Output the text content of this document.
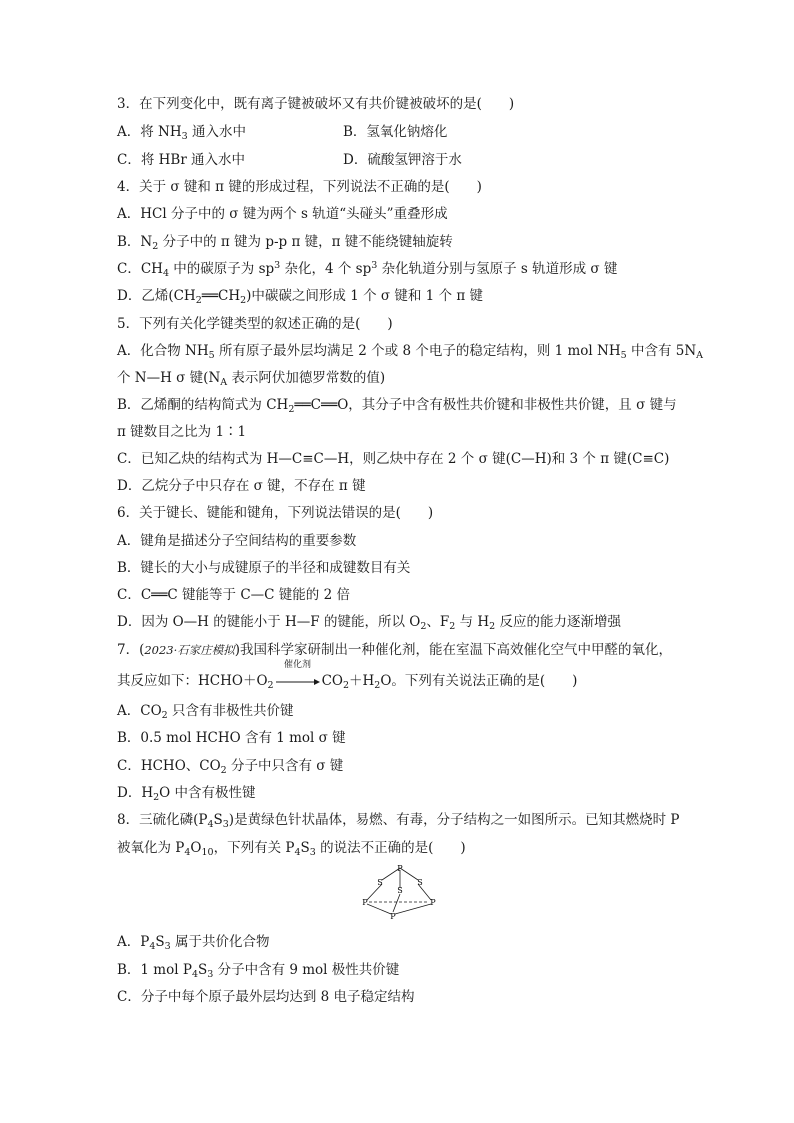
3．在下列变化中，既有离子键被破坏又有共价键被破坏的是(　　)
A．将 $NH_3$ 通入水中	B．氢氧化钠熔化
C．将 HBr 通入水中	D．硫酸氢钾溶于水
4．关于 σ 键和 π 键的形成过程，下列说法不正确的是(　　)
A．HCl 分子中的 σ 键为两个 s 轨道“头碰头”重叠形成
B．$N_2$ 分子中的 π 键为 p-p π 键，π 键不能绕键轴旋转
C．$CH_4$ 中的碳原子为 $sp^3$ 杂化，4 个 $sp^3$ 杂化轨道分别与氢原子 s 轨道形成 σ 键
D．乙烯$(CH_2══CH_2)$中碳碳之间形成 1 个 σ 键和 1 个 π 键
5．下列有关化学键类型的叙述正确的是(　　)
A．化合物 $NH_5$ 所有原子最外层均满足 2 个或 8 个电子的稳定结构，则 1 mol $NH_5$ 中含有 $5N_A$
个 N—H σ 键($N_A$ 表示阿伏加德罗常数的值)
B．乙烯酮的结构简式为 $CH_2══C══O$，其分子中含有极性共价键和非极性共价键，且 σ 键与
π 键数目之比为 1∶1
C．已知乙炔的结构式为 H—C≡C—H，则乙炔中存在 2 个 σ 键(C—H)和 3 个 π 键(C≡C)
D．乙烷分子中只存在 σ 键，不存在 π 键
6．关于键长、键能和键角，下列说法错误的是(　　)
A．键角是描述分子空间结构的重要参数
B．键长的大小与成键原子的半径和成键数目有关
C．C══C 键能等于 C—C 键能的 2 倍
D．因为 O—H 的键能小于 H—F 的键能，所以 $O_2$、$F_2$ 与 $H_2$ 反应的能力逐渐增强
7．(2023·石家庄模拟)我国科学家研制出一种催化剂，能在室温下高效催化空气中甲醛的氧化，
其反应如下：$HCHO+O_2$
催化剂
$CO_2+H_2O$。下列有关说法正确的是(　　)
A．$CO_2$ 只含有非极性共价键
B．0.5 mol HCHO 含有 1 mol σ 键
C．HCHO、$CO_2$ 分子中只含有 σ 键
D．$H_2O$ 中含有极性键
8．三硫化磷$(P_4S_3)$是黄绿色针状晶体，易燃、有毒，分子结构之一如图所示。已知其燃烧时 P
被氧化为 $P_4O_{10}$，下列有关 $P_4S_3$ 的说法不正确的是(　　)
P
S	S
S
P	P
P
A．$P_4S_3$ 属于共价化合物
B．1 mol $P_4S_3$ 分子中含有 9 mol 极性共价键
C．分子中每个原子最外层均达到 8 电子稳定结构
